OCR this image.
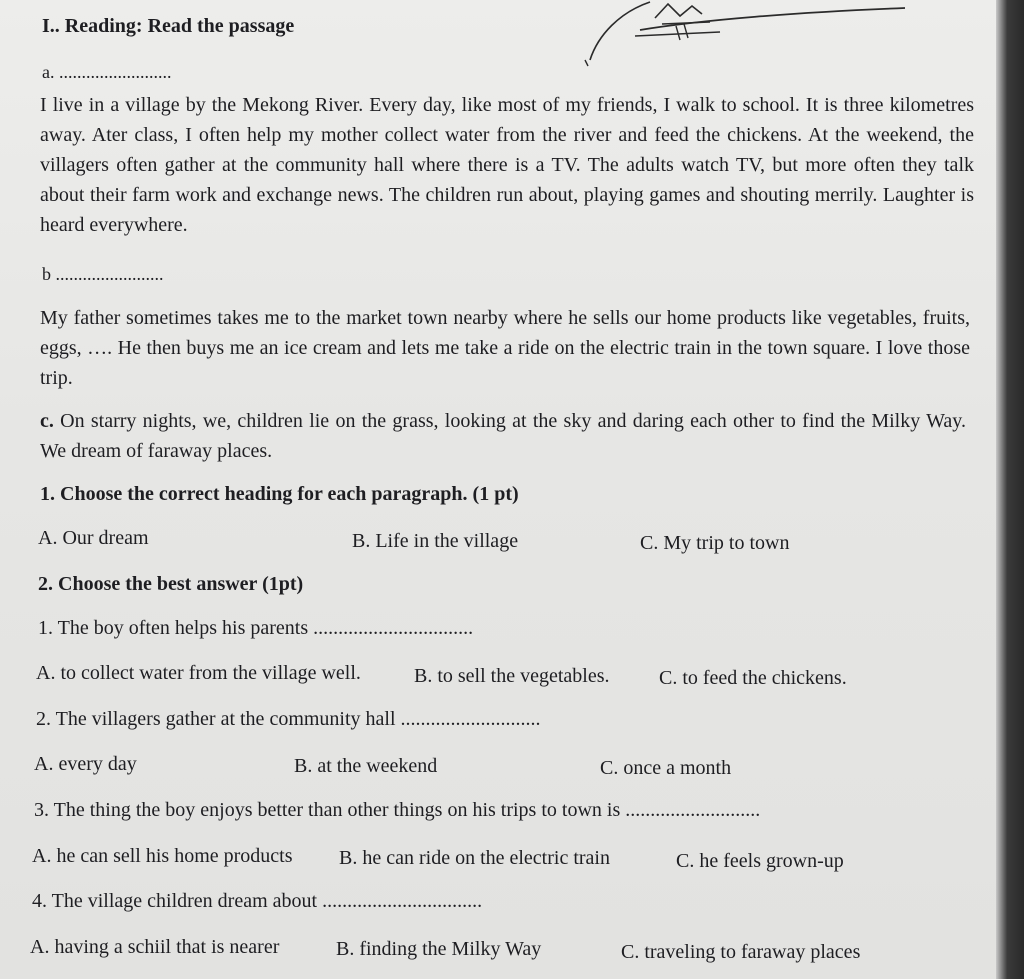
I.. Reading: Read the passage
a. .........................
I live in a village by the Mekong River. Every day, like most of my friends, I walk to school. It is three kilometres away. Ater class, I often help my mother collect water from the river and feed the chickens. At the weekend, the villagers often gather at the community hall where there is a TV. The adults watch TV, but more often they talk about their farm work and exchange news. The children run about, playing games and shouting merrily. Laughter is heard everywhere.
b ........................
My father sometimes takes me to the market town nearby where he sells our home products like vegetables, fruits, eggs, …. He then buys me an ice cream and lets me take a ride on the electric train in the town square. I love those trip.
c. On starry nights, we, children lie on the grass, looking at the sky and daring each other to find the Milky Way. We dream of faraway places.
1. Choose the correct heading for each paragraph. (1 pt)
A. Our dream	B. Life in the village	C. My trip to town
2. Choose the best answer (1pt)
1. The boy often helps his parents ................................
A. to collect water from the village well.	B. to sell the vegetables. C. to feed the chickens.
2. The villagers gather at the community hall ............................
A. every day	B. at the weekend	C. once a month
3. The thing the boy enjoys better than other things on his trips to town is ...........................
A. he can sell his home products B. he can ride on the electric train	C. he feels grown-up
4. The village children dream about ................................
A. having a schiil that is nearer	B. finding the Milky Way	C. traveling to faraway places
